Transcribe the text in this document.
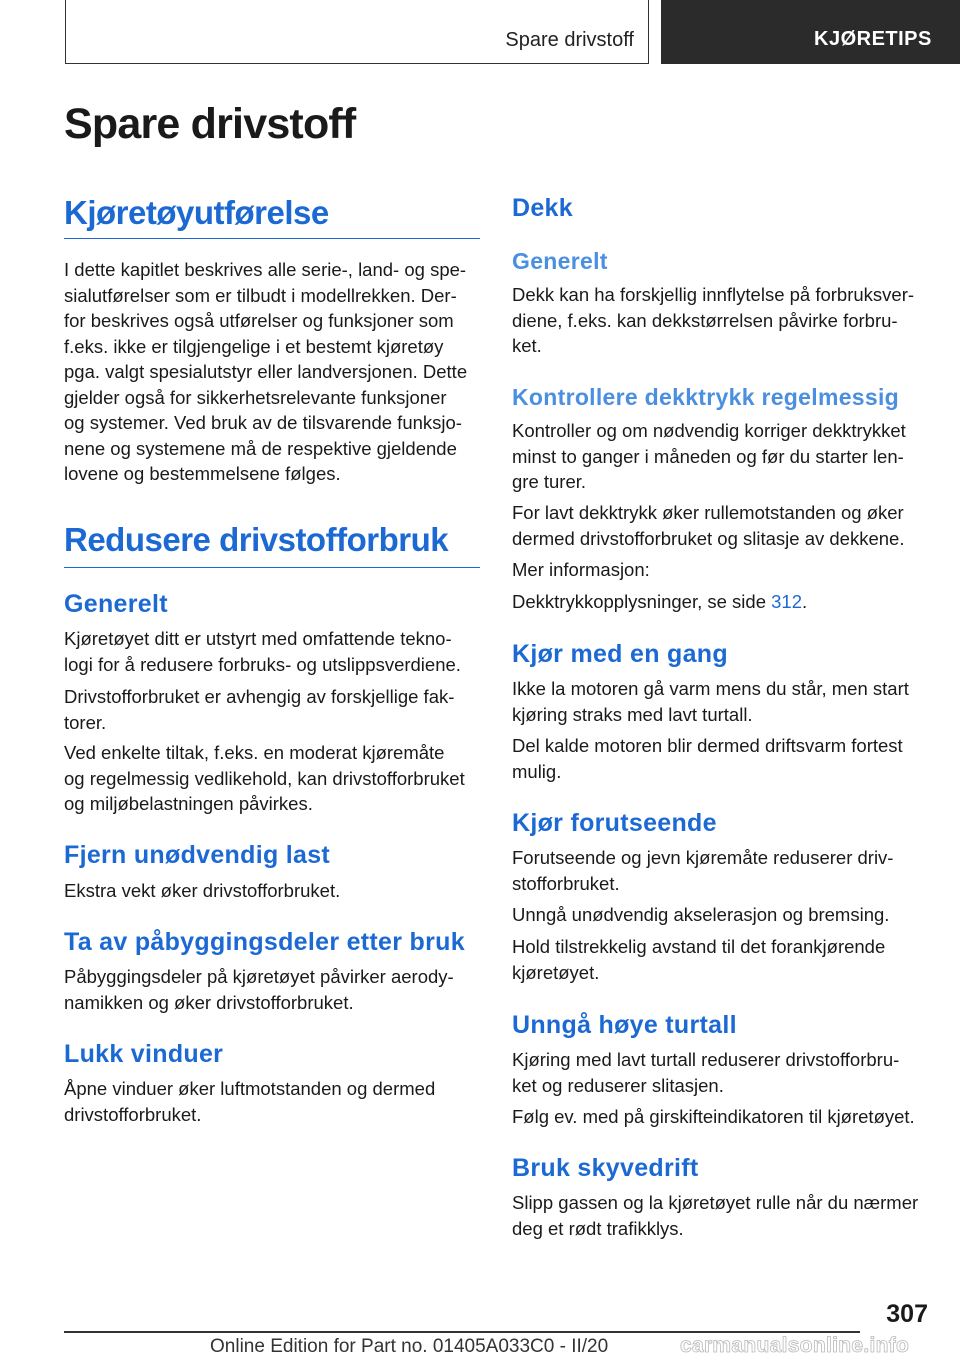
Spare drivstoff	KJØRETIPS
Spare drivstoff
Kjøretøyutførelse

I dette kapitlet beskrives alle serie-, land- og spe-
sialutførelser som er tilbudt i modellrekken. Der-
for beskrives også utførelser og funksjoner som
f.eks. ikke er tilgjengelige i et bestemt kjøretøy
pga. valgt spesialutstyr eller landversjonen. Dette
gjelder også for sikkerhetsrelevante funksjoner
og systemer. Ved bruk av de tilsvarende funksjo-
nene og systemene må de respektive gjeldende
lovene og bestemmelsene følges.

Redusere drivstofforbruk
Generelt

Kjøretøyet ditt er utstyrt med omfattende tekno-
logi for å redusere forbruks- og utslippsverdiene.

Drivstofforbruket er avhengig av forskjellige fak-
torer.

Ved enkelte tiltak, f.eks. en moderat kjøremåte
og regelmessig vedlikehold, kan drivstofforbruket
og miljøbelastningen påvirkes.

Fjern unødvendig last

Ekstra vekt øker drivstofforbruket.

Ta av påbyggingsdeler etter bruk

Påbyggingsdeler på kjøretøyet påvirker aerody-
namikken og øker drivstofforbruket.

Lukk vinduer

Åpne vinduer øker luftmotstanden og dermed
drivstofforbruket.

Dekk
Generelt

Dekk kan ha forskjellig innflytelse på forbruksver-
diene, f.eks. kan dekkstørrelsen påvirke forbru-
ket.

Kontrollere dekktrykk regelmessig

Kontroller og om nødvendig korriger dekktrykket
minst to ganger i måneden og før du starter len-
gre turer.

For lavt dekktrykk øker rullemotstanden og øker
dermed drivstofforbruket og slitasje av dekkene.

Mer informasjon:

Dekktrykkopplysninger, se side 312.

Kjør med en gang

Ikke la motoren gå varm mens du står, men start
kjøring straks med lavt turtall.

Del kalde motoren blir dermed driftsvarm fortest
mulig.

Kjør forutseende

Forutseende og jevn kjøremåte reduserer driv-
stofforbruket.

Unngå unødvendig akselerasjon og bremsing.

Hold tilstrekkelig avstand til det forankjørende
kjøretøyet.

Unngå høye turtall

Kjøring med lavt turtall reduserer drivstofforbru-
ket og reduserer slitasjen.

Følg ev. med på girskifteindikatoren til kjøretøyet.

Bruk skyvedrift

Slipp gassen og la kjøretøyet rulle når du nærmer
deg et rødt trafikklys.

307
Online Edition for Part no. 01405A033C0 - II/20	carmanualsonline.info
